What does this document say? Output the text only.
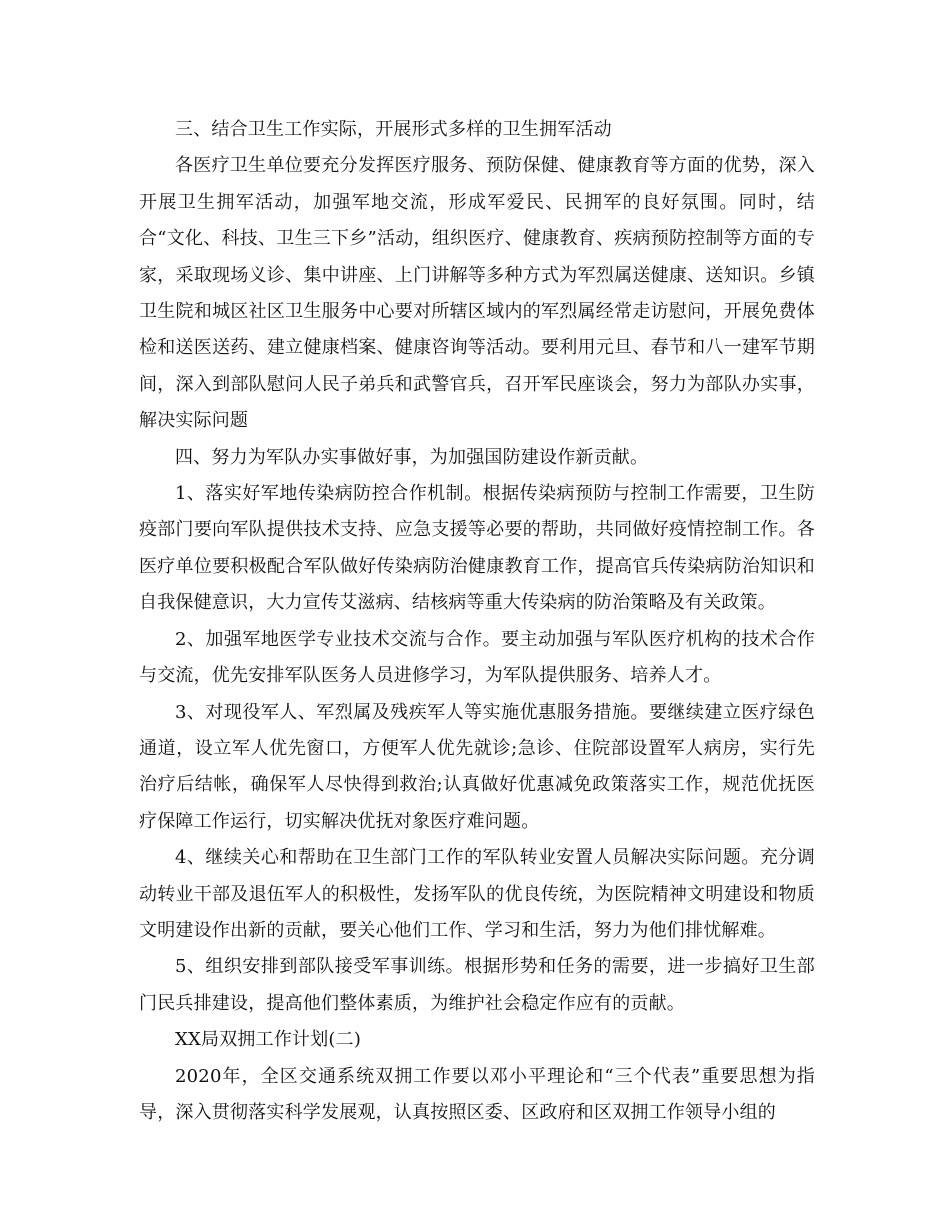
三、结合卫生工作实际，开展形式多样的卫生拥军活动

各医疗卫生单位要充分发挥医疗服务、预防保健、健康教育等方面的优势，深入开展卫生拥军活动，加强军地交流，形成军爱民、民拥军的良好氛围。同时，结合“文化、科技、卫生三下乡”活动，组织医疗、健康教育、疾病预防控制等方面的专家，采取现场义诊、集中讲座、上门讲解等多种方式为军烈属送健康、送知识。乡镇卫生院和城区社区卫生服务中心要对所辖区域内的军烈属经常走访慰问，开展免费体检和送医送药、建立健康档案、健康咨询等活动。要利用元旦、春节和八一建军节期间，深入到部队慰问人民子弟兵和武警官兵，召开军民座谈会，努力为部队办实事，解决实际问题

四、努力为军队办实事做好事，为加强国防建设作新贡献。

1、落实好军地传染病防控合作机制。根据传染病预防与控制工作需要，卫生防疫部门要向军队提供技术支持、应急支援等必要的帮助，共同做好疫情控制工作。各医疗单位要积极配合军队做好传染病防治健康教育工作，提高官兵传染病防治知识和自我保健意识，大力宣传艾滋病、结核病等重大传染病的防治策略及有关政策。

2、加强军地医学专业技术交流与合作。要主动加强与军队医疗机构的技术合作与交流，优先安排军队医务人员进修学习，为军队提供服务、培养人才。

3、对现役军人、军烈属及残疾军人等实施优惠服务措施。要继续建立医疗绿色通道，设立军人优先窗口，方便军人优先就诊;急诊、住院部设置军人病房，实行先治疗后结帐，确保军人尽快得到救治;认真做好优惠减免政策落实工作，规范优抚医疗保障工作运行，切实解决优抚对象医疗难问题。

4、继续关心和帮助在卫生部门工作的军队转业安置人员解决实际问题。充分调动转业干部及退伍军人的积极性，发扬军队的优良传统，为医院精神文明建设和物质文明建设作出新的贡献，要关心他们工作、学习和生活，努力为他们排忧解难。

5、组织安排到部队接受军事训练。根据形势和任务的需要，进一步搞好卫生部门民兵排建设，提高他们整体素质，为维护社会稳定作应有的贡献。

XX局双拥工作计划(二)

2020年，全区交通系统双拥工作要以邓小平理论和“三个代表”重要思想为指导，深入贯彻落实科学发展观，认真按照区委、区政府和区双拥工作领导小组的
